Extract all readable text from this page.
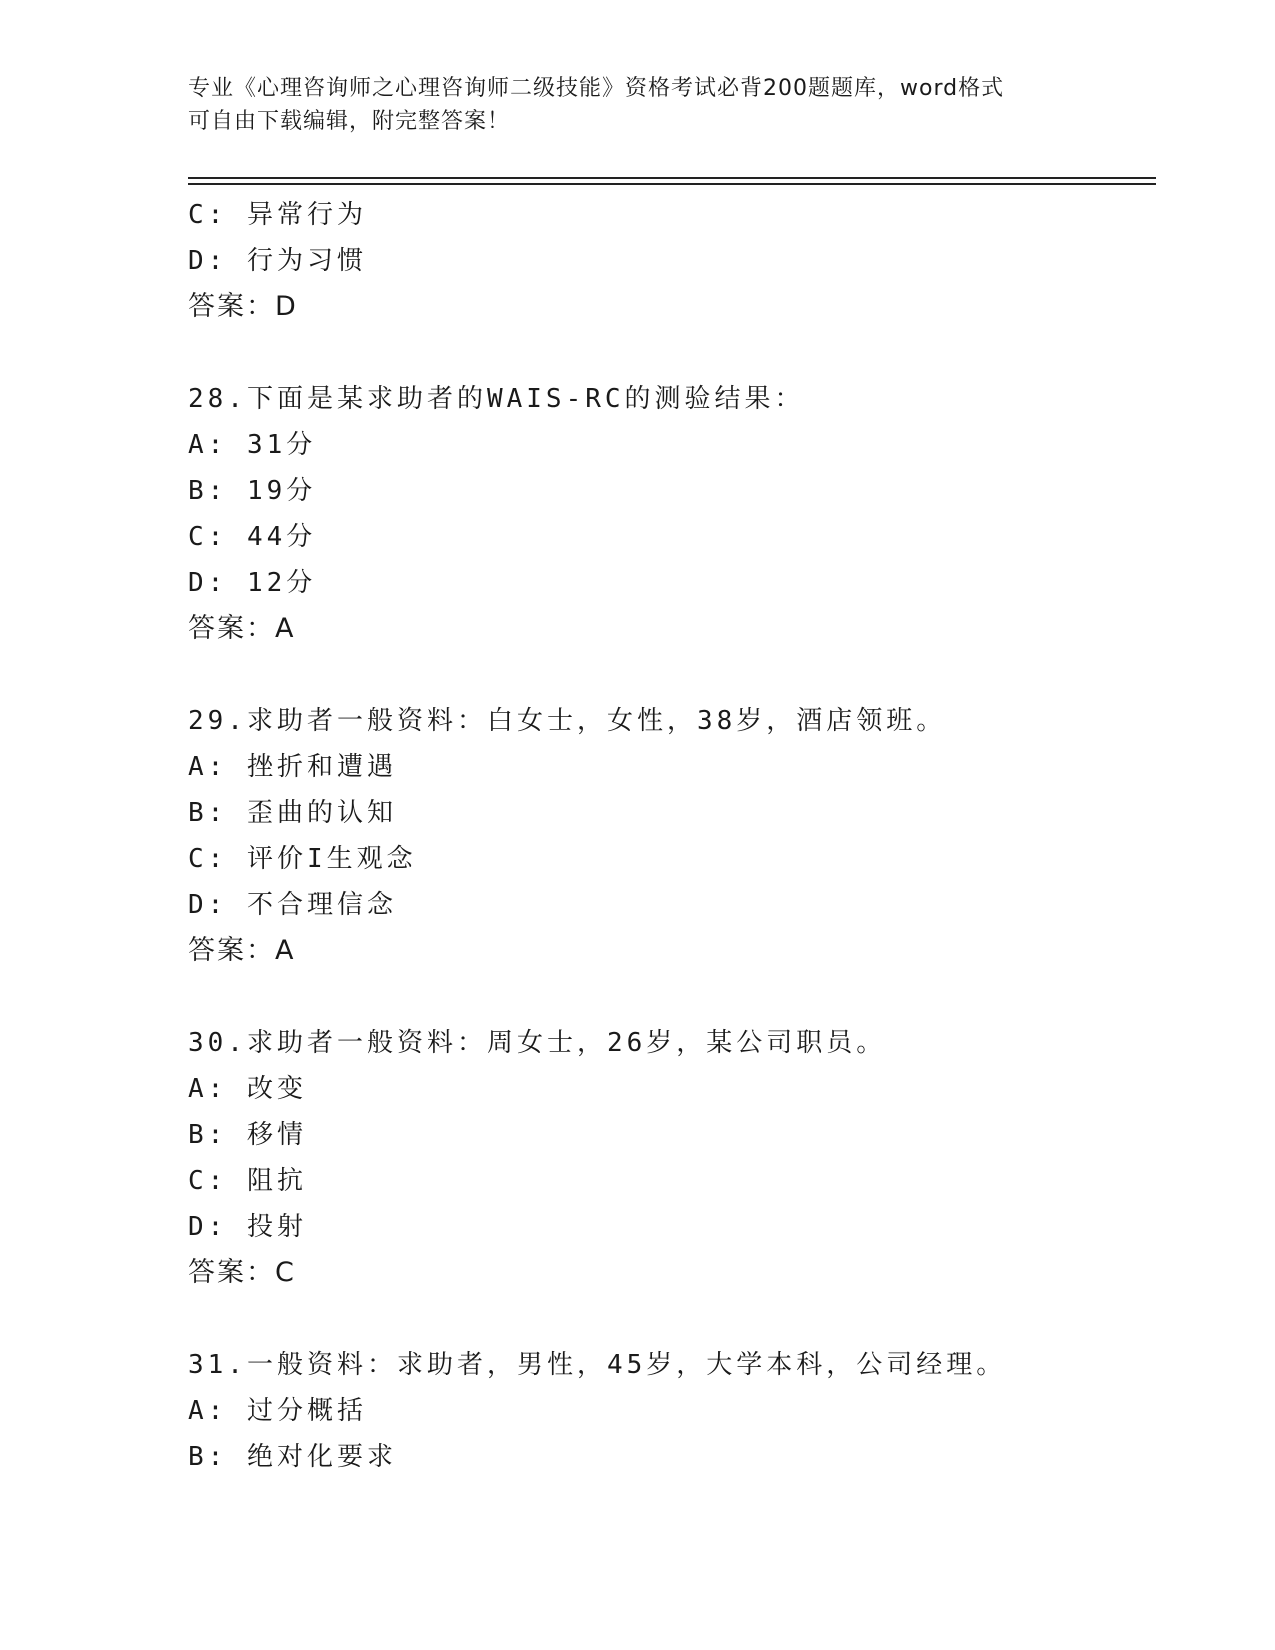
专业《心理咨询师之心理咨询师二级技能》资格考试必背200题题库，word格式
可自由下载编辑，附完整答案！
C: 异常行为
D: 行为习惯
答案：D
28.下面是某求助者的WAIS-RC的测验结果：
A: 31分
B: 19分
C: 44分
D: 12分
答案：A
29.求助者一般资料：白女士，女性，38岁，酒店领班。
A: 挫折和遭遇
B: 歪曲的认知
C: 评价I生观念
D: 不合理信念
答案：A
30.求助者一般资料：周女士，26岁，某公司职员。
A: 改变
B: 移情
C: 阻抗
D: 投射
答案：C
31.一般资料：求助者，男性，45岁，大学本科，公司经理。
A: 过分概括
B: 绝对化要求
